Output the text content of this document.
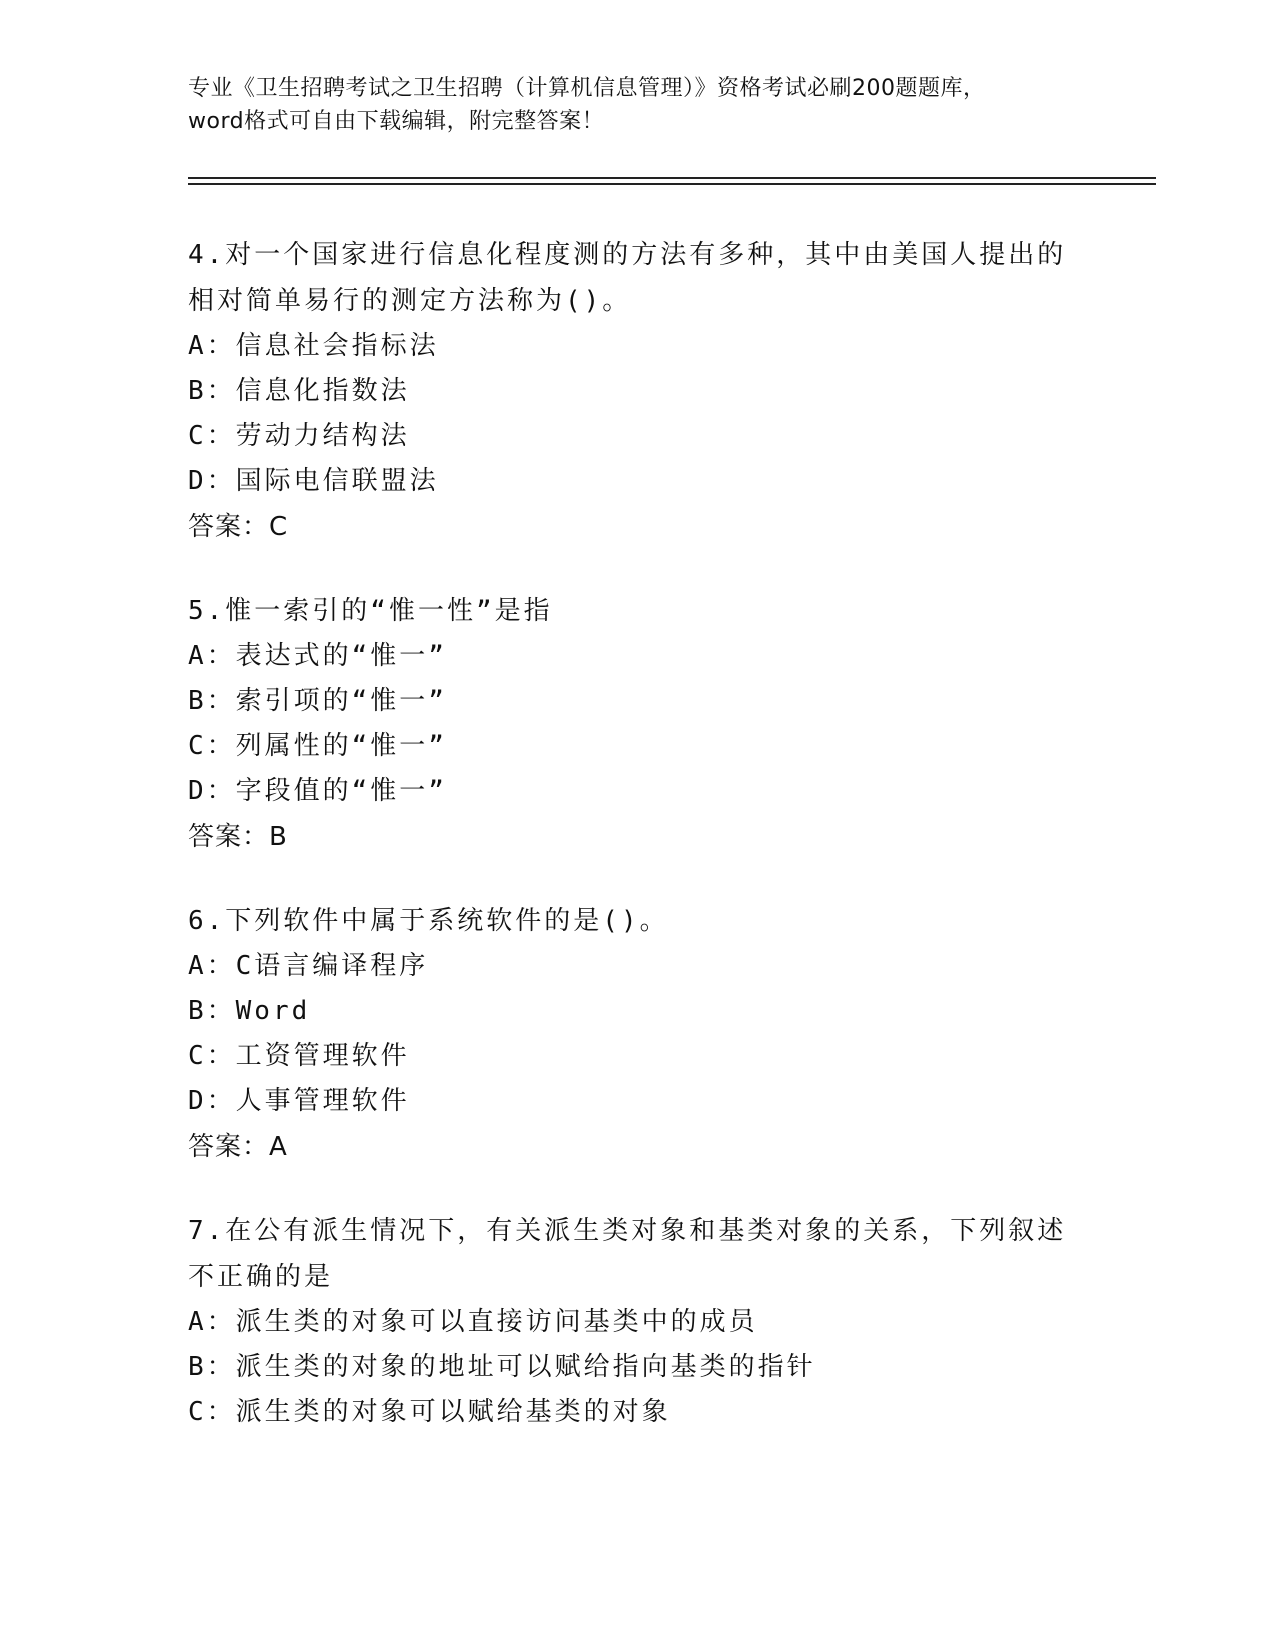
专业《卫生招聘考试之卫生招聘（计算机信息管理）》资格考试必刷200题题库，
word格式可自由下载编辑，附完整答案！
4.对一个国家进行信息化程度测的方法有多种，其中由美国人提出的
相对简单易行的测定方法称为()。
A：信息社会指标法
B：信息化指数法
C：劳动力结构法
D：国际电信联盟法
答案：C
5.惟一索引的“惟一性”是指
A：表达式的“惟一”
B：索引项的“惟一”
C：列属性的“惟一”
D：字段值的“惟一”
答案：B
6.下列软件中属于系统软件的是()。
A：C语言编译程序
B：Word
C：工资管理软件
D：人事管理软件
答案：A
7.在公有派生情况下，有关派生类对象和基类对象的关系，下列叙述
不正确的是
A：派生类的对象可以直接访问基类中的成员
B：派生类的对象的地址可以赋给指向基类的指针
C：派生类的对象可以赋给基类的对象
